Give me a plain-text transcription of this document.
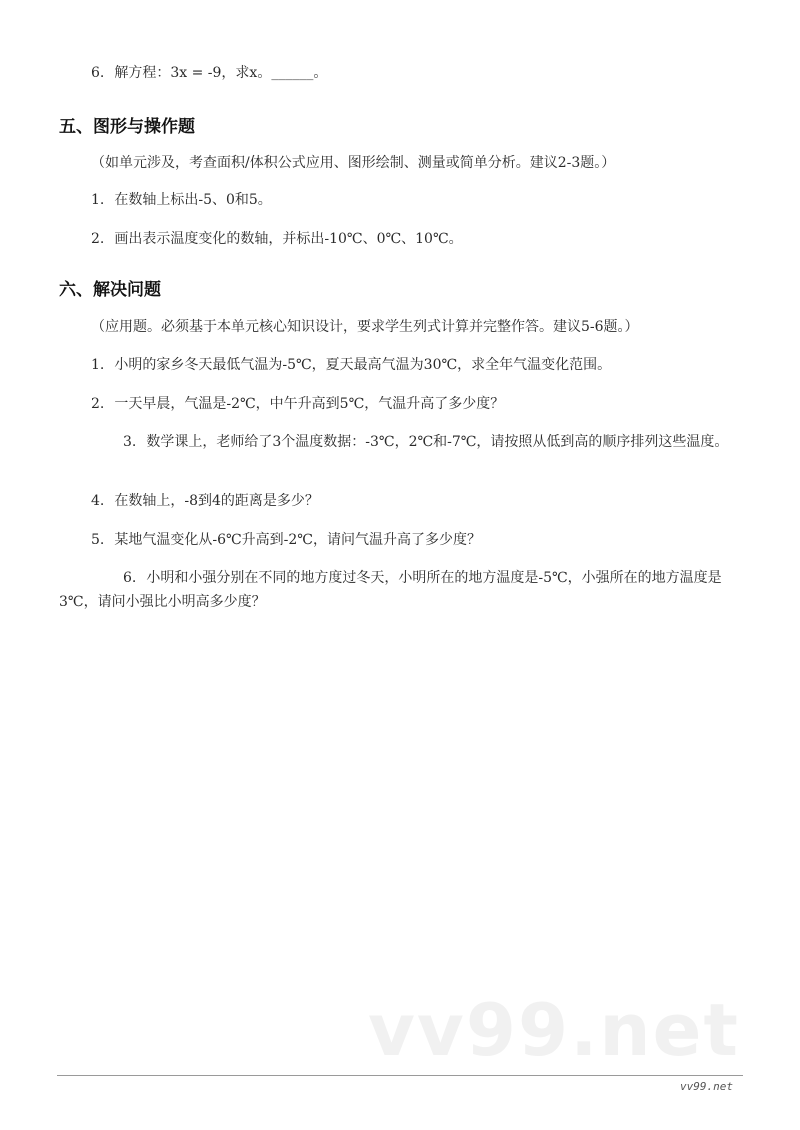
6. 解方程：3x = -9，求x。______。
五、图形与操作题
（如单元涉及，考查面积/体积公式应用、图形绘制、测量或简单分析。建议2-3题。）
1. 在数轴上标出-5、0和5。
2. 画出表示温度变化的数轴，并标出-10℃、0℃、10℃。
六、解决问题
（应用题。必须基于本单元核心知识设计，要求学生列式计算并完整作答。建议5-6题。）
1. 小明的家乡冬天最低气温为-5℃，夏天最高气温为30℃，求全年气温变化范围。
2. 一天早晨，气温是-2℃，中午升高到5℃，气温升高了多少度？
3. 数学课上，老师给了3个温度数据：-3℃，2℃和-7℃，请按照从低到高的顺序排列这些温度。
4. 在数轴上，-8到4的距离是多少？
5. 某地气温变化从-6℃升高到-2℃，请问气温升高了多少度？
6. 小明和小强分别在不同的地方度过冬天，小明所在的地方温度是-5℃，小强所在的地方温度是3℃，请问小强比小明高多少度？
vv99.net
vv99.net
